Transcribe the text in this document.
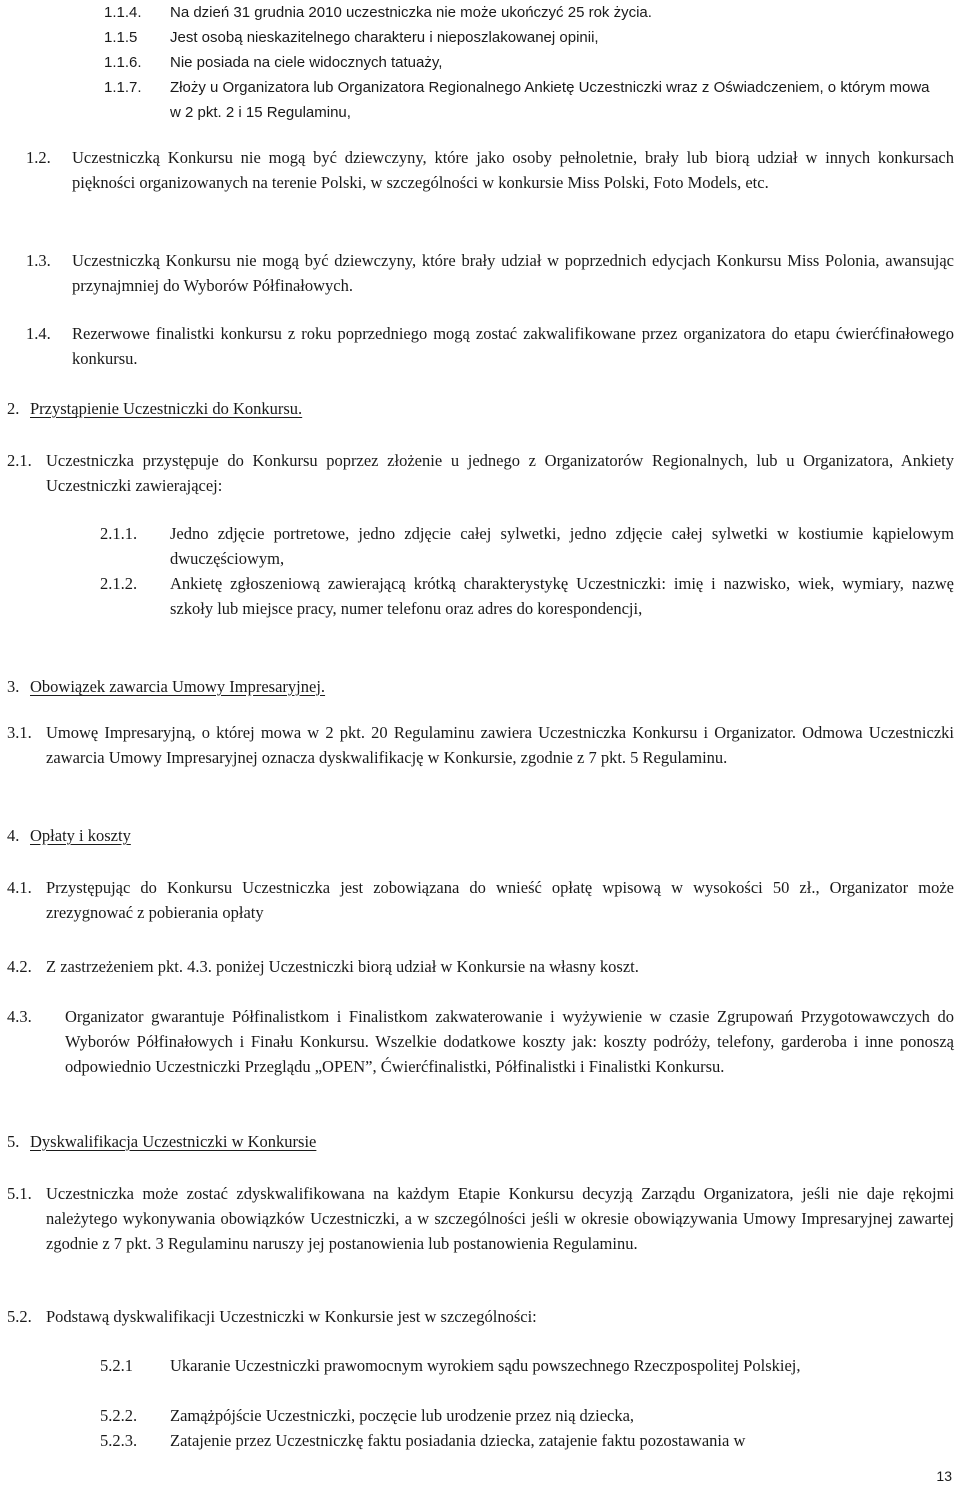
1.1.4.	Na dzień 31 grudnia 2010 uczestniczka nie może ukończyć 25 rok życia.
1.1.5	Jest osobą nieskazitelnego charakteru i nieposzlakowanej opinii,
1.1.6.	Nie posiada na ciele widocznych tatuaży,
1.1.7.	Złoży u Organizatora lub Organizatora Regionalnego Ankietę Uczestniczki wraz z Oświadczeniem, o którym mowa w 2 pkt. 2 i 15 Regulaminu,
1.2.	Uczestniczką Konkursu nie mogą być dziewczyny, które jako osoby pełnoletnie, brały lub biorą udział w innych konkursach piękności organizowanych na terenie Polski, w szczególności w konkursie Miss Polski, Foto Models, etc.
1.3.	Uczestniczką Konkursu nie mogą być dziewczyny, które brały udział w poprzednich edycjach Konkursu Miss Polonia, awansując przynajmniej do Wyborów Półfinałowych.
1.4.	Rezerwowe finalistki konkursu z roku poprzedniego mogą zostać zakwalifikowane przez organizatora do etapu ćwierćfinałowego konkursu.
2. Przystąpienie Uczestniczki do Konkursu.
2.1. Uczestniczka przystępuje do Konkursu poprzez złożenie u jednego z Organizatorów Regionalnych, lub u Organizatora, Ankiety Uczestniczki zawierającej:
2.1.1.	Jedno zdjęcie portretowe, jedno zdjęcie całej sylwetki, jedno zdjęcie całej sylwetki w kostiumie kąpielowym dwuczęściowym,
2.1.2.	Ankietę zgłoszeniową zawierającą krótką charakterystykę Uczestniczki: imię i nazwisko, wiek, wymiary, nazwę szkoły lub miejsce pracy, numer telefonu oraz adres do korespondencji,
3. Obowiązek zawarcia Umowy Impresaryjnej.
3.1. Umowę Impresaryjną, o której mowa w 2 pkt. 20 Regulaminu zawiera Uczestniczka Konkursu i Organizator. Odmowa Uczestniczki zawarcia Umowy Impresaryjnej oznacza dyskwalifikację w Konkursie, zgodnie z 7 pkt. 5 Regulaminu.
4. Opłaty i koszty
4.1. Przystępując do Konkursu Uczestniczka jest zobowiązana do wnieść opłatę wpisową w wysokości 50 zł., Organizator może zrezygnować z pobierania opłaty
4.2. Z zastrzeżeniem pkt. 4.3. poniżej Uczestniczki biorą udział w Konkursie na własny koszt.
4.3.	Organizator gwarantuje Półfinalistkom i Finalistkom zakwaterowanie i wyżywienie w czasie Zgrupowań Przygotowawczych do Wyborów Półfinałowych i Finału Konkursu. Wszelkie dodatkowe koszty jak: koszty podróży, telefony, garderoba i inne ponoszą odpowiednio Uczestniczki Przeglądu „OPEN”, Ćwierćfinalistki, Półfinalistki i Finalistki Konkursu.
5. Dyskwalifikacja Uczestniczki w Konkursie
5.1. Uczestniczka może zostać zdyskwalifikowana na każdym Etapie Konkursu decyzją Zarządu Organizatora, jeśli nie daje rękojmi należytego wykonywania obowiązków Uczestniczki, a w szczególności jeśli w okresie obowiązywania Umowy Impresaryjnej zawartej zgodnie z 7 pkt. 3 Regulaminu naruszy jej postanowienia lub postanowienia Regulaminu.
5.2. Podstawą dyskwalifikacji Uczestniczki w Konkursie jest w szczególności:
5.2.1	Ukaranie Uczestniczki prawomocnym wyrokiem sądu powszechnego Rzeczpospolitej Polskiej,
5.2.2.	Zamążpójście Uczestniczki, poczęcie lub urodzenie przez nią dziecka,
5.2.3.	Zatajenie przez Uczestniczkę faktu posiadania dziecka, zatajenie faktu pozostawania w
13
